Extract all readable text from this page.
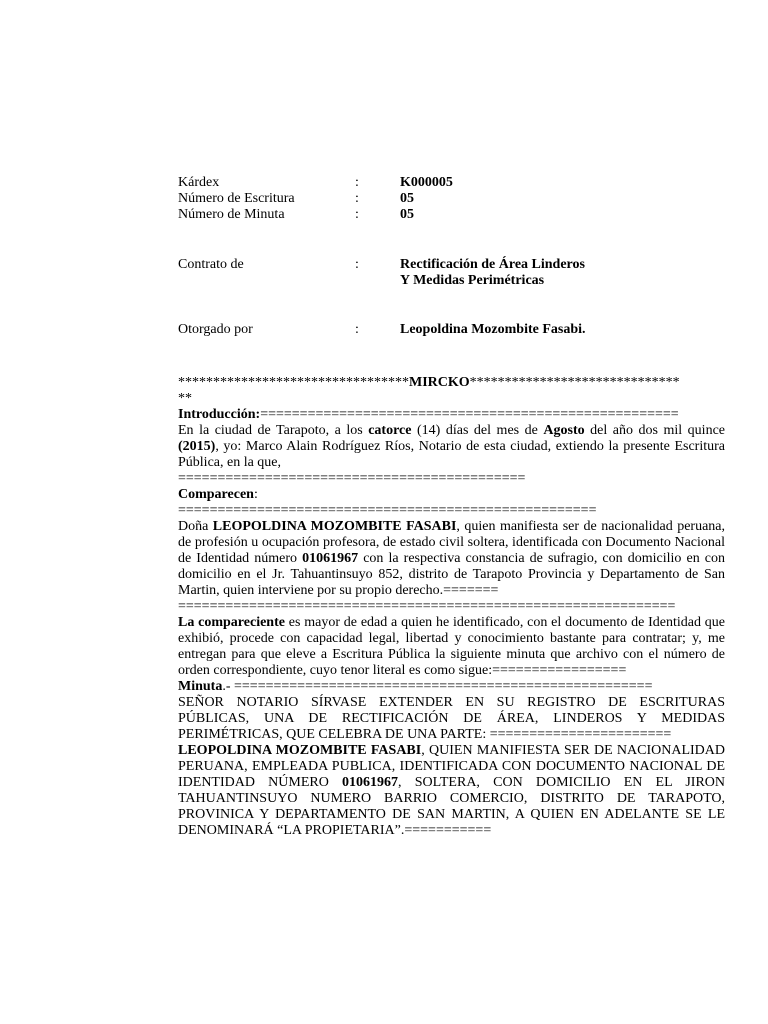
Kárdex	:	K000005
Número de Escritura	:	05
Número de Minuta	:	05
Contrato de	:	Rectificación de Área Linderos
Y Medidas Perimétricas
Otorgado por	:	Leopoldina Mozombite Fasabi.
*********************************MIRCKO******************************
**
Introducción:=====================================================

En la ciudad de Tarapoto, a los catorce (14) días del mes de Agosto del año dos mil quince (2015), yo: Marco Alain Rodríguez Ríos, Notario de esta ciudad, extiendo la presente Escritura Pública, en la que,

============================================
Comparecen:
=====================================================

Doña LEOPOLDINA MOZOMBITE FASABI, quien manifiesta ser de nacionalidad peruana, de profesión u ocupación profesora, de estado civil soltera, identificada con Documento Nacional de Identidad número 01061967 con la respectiva constancia de sufragio, con domicilio en con domicilio en el Jr. Tahuantinsuyo 852, distrito de Tarapoto Provincia y Departamento de San Martin, quien interviene por su propio derecho.=======

===============================================================

La compareciente es mayor de edad a quien he identificado, con el documento de Identidad que exhibió, procede con capacidad legal, libertad y conocimiento bastante para contratar; y, me entregan para que eleve a Escritura Pública la siguiente minuta que archivo con el número de orden correspondiente, cuyo tenor literal es como sigue:=================

Minuta.- =====================================================

SEÑOR NOTARIO SÍRVASE EXTENDER EN SU REGISTRO DE ESCRITURAS PÚBLICAS, UNA DE RECTIFICACIÓN DE ÁREA, LINDEROS Y MEDIDAS PERIMÉTRICAS, QUE CELEBRA DE UNA PARTE: =======================

LEOPOLDINA MOZOMBITE FASABI, QUIEN MANIFIESTA SER DE NACIONALIDAD PERUANA, EMPLEADA PUBLICA, IDENTIFICADA CON DOCUMENTO NACIONAL DE IDENTIDAD NÚMERO 01061967, SOLTERA, CON DOMICILIO EN EL JIRON TAHUANTINSUYO NUMERO BARRIO COMERCIO, DISTRITO DE TARAPOTO, PROVINICA Y DEPARTAMENTO DE SAN MARTIN, A QUIEN EN ADELANTE SE LE DENOMINARÁ “LA PROPIETARIA”.===========
